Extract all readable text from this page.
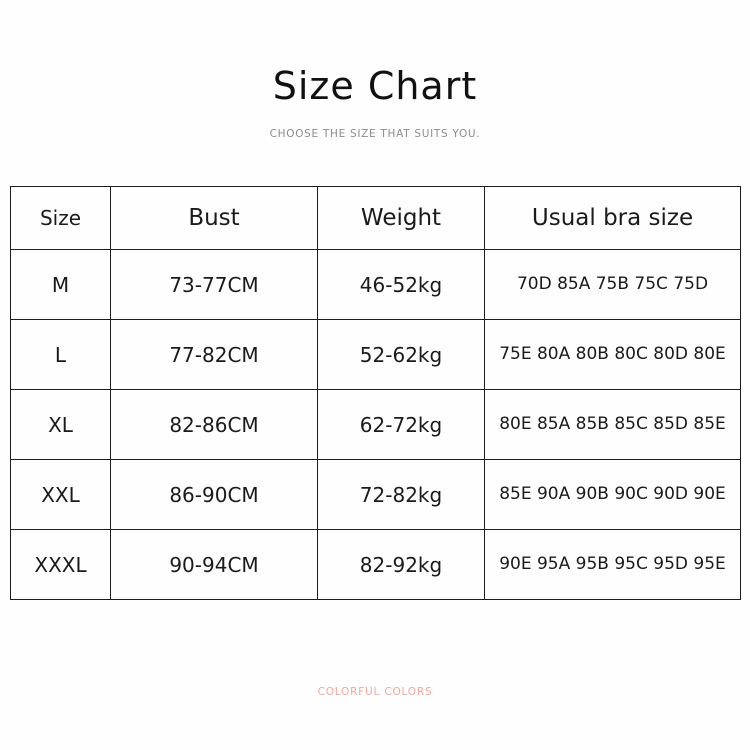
Size Chart

CHOOSE THE SIZE THAT SUITS YOU.

Size	Bust	Weight	Usual bra size
M	73-77CM	46-52kg	70D 85A 75B 75C 75D
L	77-82CM	52-62kg	75E 80A 80B 80C 80D 80E
XL	82-86CM	62-72kg	80E 85A 85B 85C 85D 85E
XXL	86-90CM	72-82kg	85E 90A 90B 90C 90D 90E
XXXL	90-94CM	82-92kg	90E 95A 95B 95C 95D 95E
COLORFUL COLORS
